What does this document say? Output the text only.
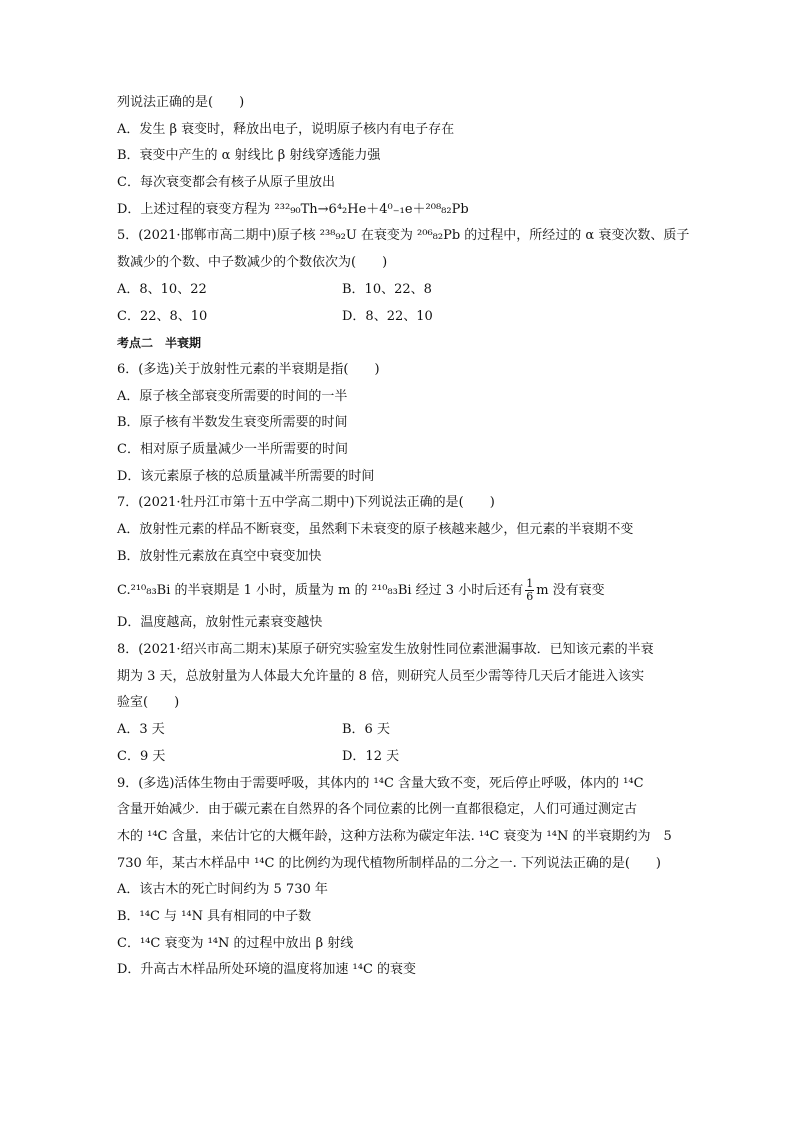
列说法正确的是(　　)
A．发生 β 衰变时，释放出电子，说明原子核内有电子存在
B．衰变中产生的 α 射线比 β 射线穿透能力强
C．每次衰变都会有核子从原子里放出
D．上述过程的衰变方程为 ²³²₉₀Th→6⁴₂He＋4⁰₋₁e＋²⁰⁸₈₂Pb
5．(2021·邯郸市高二期中)原子核 ²³⁸₉₂U 在衰变为 ²⁰⁶₈₂Pb 的过程中，所经过的 α 衰变次数、质子
数减少的个数、中子数减少的个数依次为(　　)
A．8、10、22	B．10、22、8
C．22、8、10	D．8、22、10
考点二　半衰期
6．(多选)关于放射性元素的半衰期是指(　　)
A．原子核全部衰变所需要的时间的一半
B．原子核有半数发生衰变所需要的时间
C．相对原子质量减少一半所需要的时间
D．该元素原子核的总质量减半所需要的时间
7．(2021·牡丹江市第十五中学高二期中)下列说法正确的是(　　)
A．放射性元素的样品不断衰变，虽然剩下未衰变的原子核越来越少，但元素的半衰期不变
B．放射性元素放在真空中衰变加快
C.²¹⁰₈₃Bi 的半衰期是 1 小时，质量为 m 的 ²¹⁰₈₃Bi 经过 3 小时后还有 $\frac{1}{6}$ m 没有衰变
D．温度越高，放射性元素衰变越快
8．(2021·绍兴市高二期末)某原子研究实验室发生放射性同位素泄漏事故．已知该元素的半衰
期为 3 天，总放射量为人体最大允许量的 8 倍，则研究人员至少需等待几天后才能进入该实
验室(　　)
A．3 天	B．6 天
C．9 天	D．12 天
9．(多选)活体生物由于需要呼吸，其体内的 ¹⁴C 含量大致不变，死后停止呼吸，体内的 ¹⁴C
含量开始减少．由于碳元素在自然界的各个同位素的比例一直都很稳定，人们可通过测定古
木的 ¹⁴C 含量，来估计它的大概年龄，这种方法称为碳定年法. ¹⁴C 衰变为 ¹⁴N 的半衰期约为　5
730 年，某古木样品中 ¹⁴C 的比例约为现代植物所制样品的二分之一. 下列说法正确的是(　　)
A．该古木的死亡时间约为 5 730 年
B．¹⁴C 与 ¹⁴N 具有相同的中子数
C．¹⁴C 衰变为 ¹⁴N 的过程中放出 β 射线
D．升高古木样品所处环境的温度将加速 ¹⁴C 的衰变
